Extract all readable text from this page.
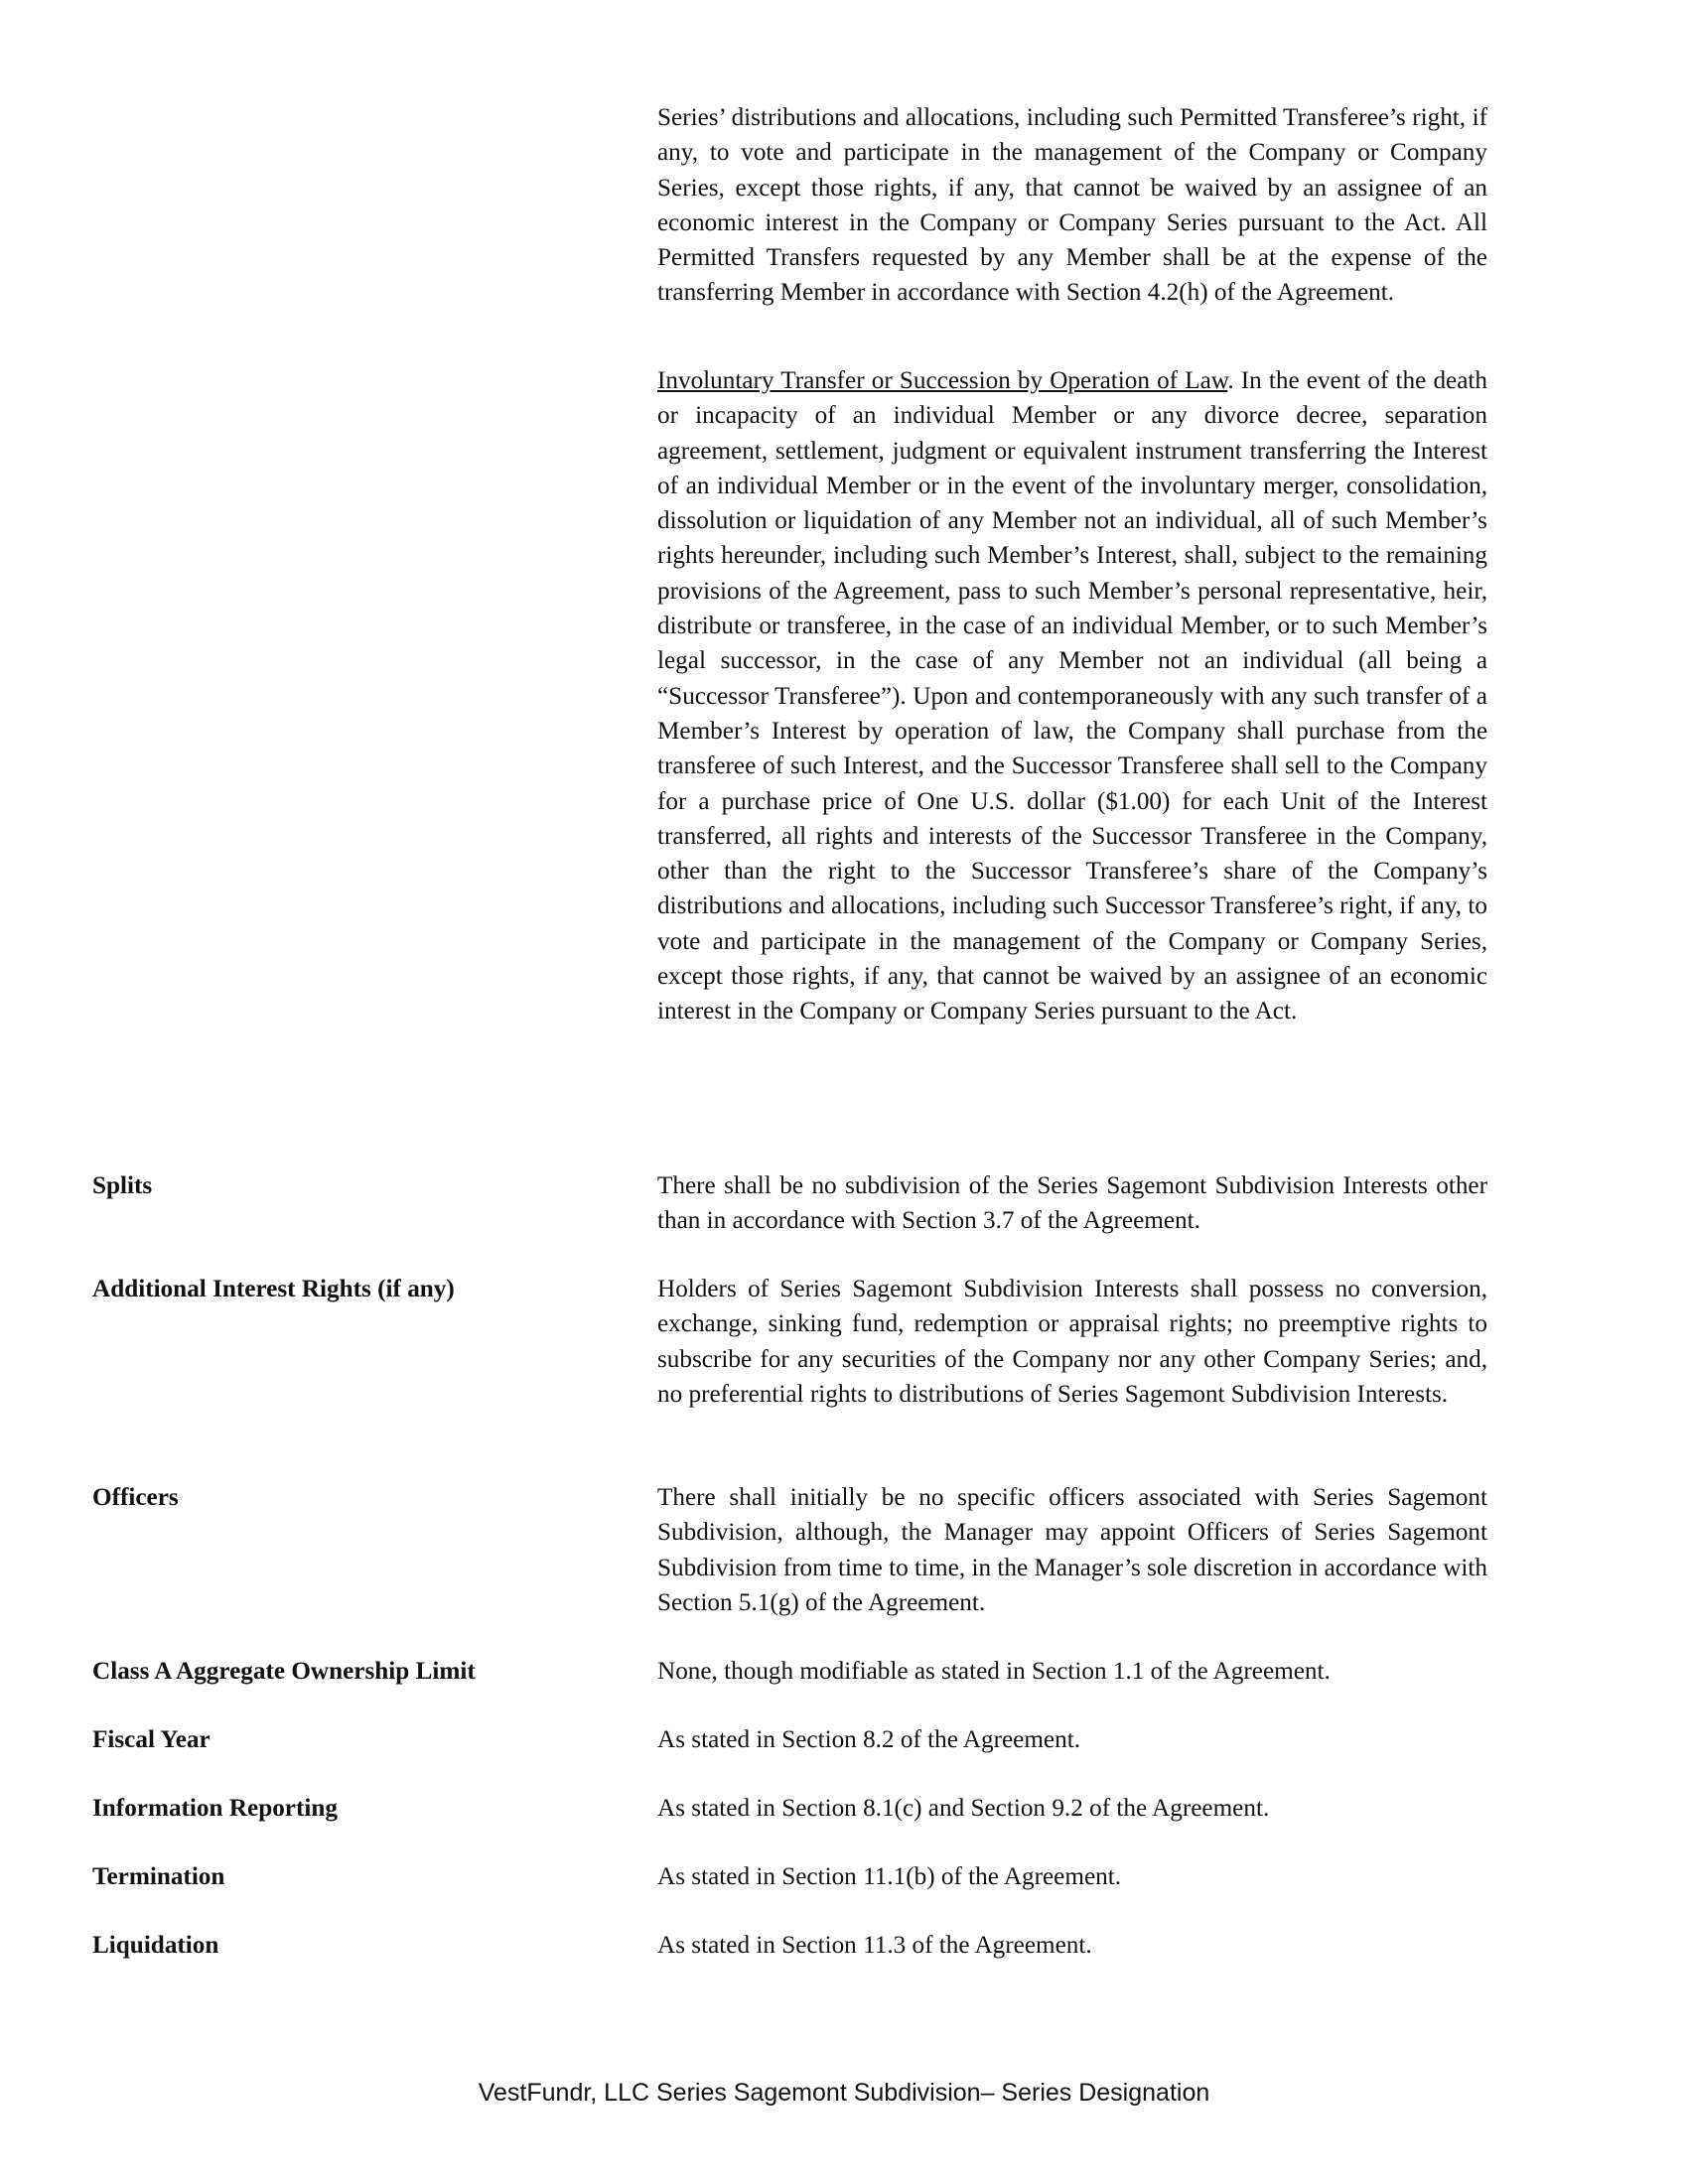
Series’ distributions and allocations, including such Permitted Transferee’s right, if any, to vote and participate in the management of the Company or Company Series, except those rights, if any, that cannot be waived by an assignee of an economic interest in the Company or Company Series pursuant to the Act. All Permitted Transfers requested by any Member shall be at the expense of the transferring Member in accordance with Section 4.2(h) of the Agreement.

Involuntary Transfer or Succession by Operation of Law. In the event of the death or incapacity of an individual Member or any divorce decree, separation agreement, settlement, judgment or equivalent instrument transferring the Interest of an individual Member or in the event of the involuntary merger, consolidation, dissolution or liquidation of any Member not an individual, all of such Member’s rights hereunder, including such Member’s Interest, shall, subject to the remaining provisions of the Agreement, pass to such Member’s personal representative, heir, distribute or transferee, in the case of an individual Member, or to such Member’s legal successor, in the case of any Member not an individual (all being a “Successor Transferee”). Upon and contemporaneously with any such transfer of a Member’s Interest by operation of law, the Company shall purchase from the transferee of such Interest, and the Successor Transferee shall sell to the Company for a purchase price of One U.S. dollar ($1.00) for each Unit of the Interest transferred, all rights and interests of the Successor Transferee in the Company, other than the right to the Successor Transferee’s share of the Company’s distributions and allocations, including such Successor Transferee’s right, if any, to vote and participate in the management of the Company or Company Series, except those rights, if any, that cannot be waived by an assignee of an economic interest in the Company or Company Series pursuant to the Act.

Splits	There shall be no subdivision of the Series Sagemont Subdivision Interests other than in accordance with Section 3.7 of the Agreement.
Additional Interest Rights (if any)	Holders of Series Sagemont Subdivision Interests shall possess no conversion, exchange, sinking fund, redemption or appraisal rights; no preemptive rights to subscribe for any securities of the Company nor any other Company Series; and, no preferential rights to distributions of Series Sagemont Subdivision Interests.
Officers	There shall initially be no specific officers associated with Series Sagemont Subdivision, although, the Manager may appoint Officers of Series Sagemont Subdivision from time to time, in the Manager’s sole discretion in accordance with Section 5.1(g) of the Agreement.
Class A Aggregate Ownership Limit	None, though modifiable as stated in Section 1.1 of the Agreement.
Fiscal Year	As stated in Section 8.2 of the Agreement.
Information Reporting	As stated in Section 8.1(c) and Section 9.2 of the Agreement.
Termination	As stated in Section 11.1(b) of the Agreement.
Liquidation	As stated in Section 11.3 of the Agreement.
VestFundr, LLC Series Sagemont Subdivision– Series Designation
